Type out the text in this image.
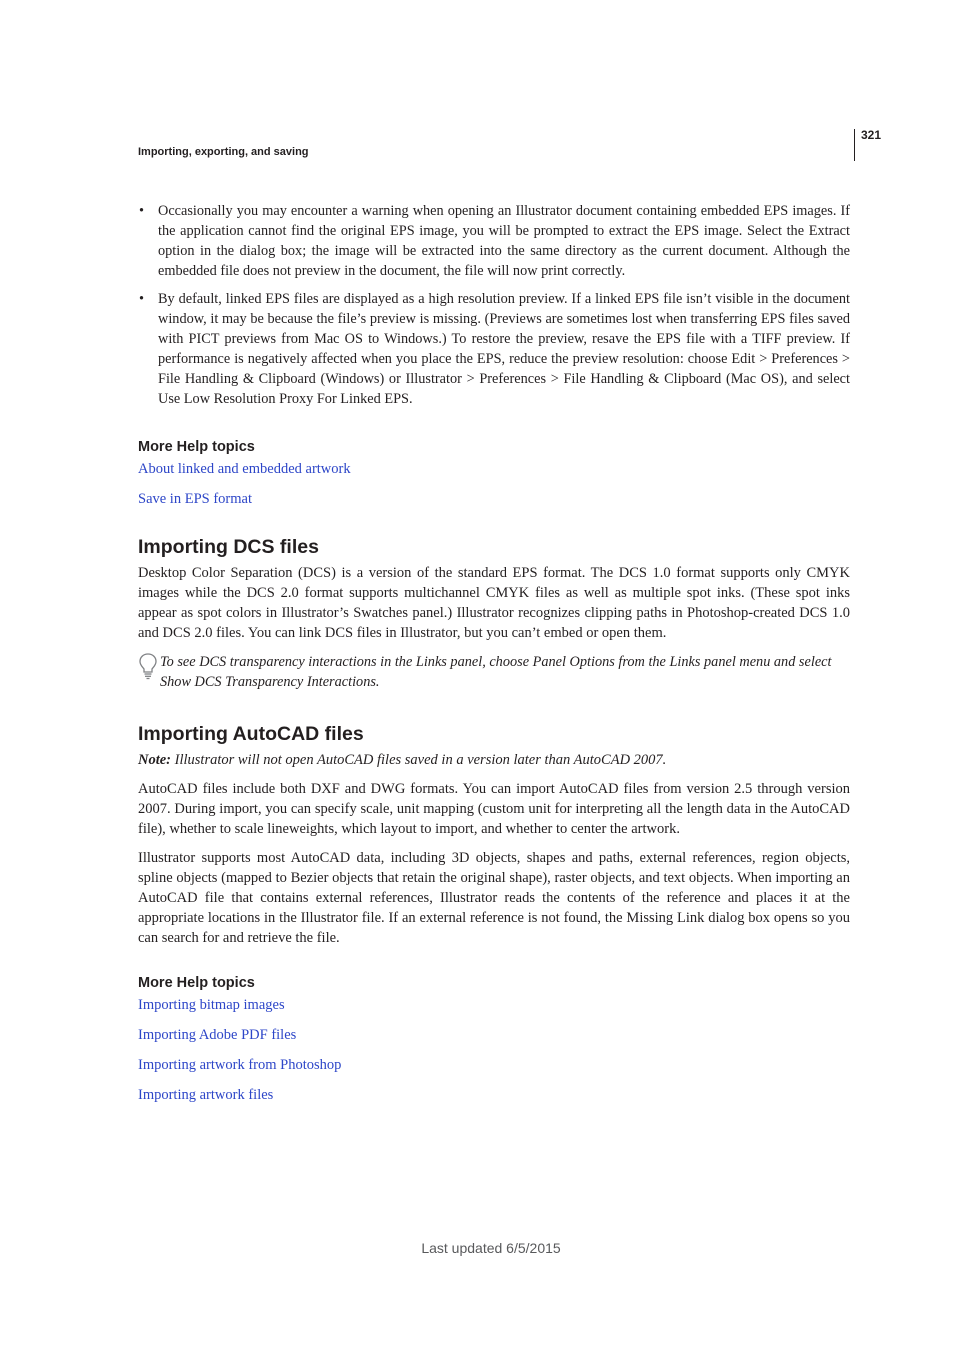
321
Importing, exporting, and saving
• Occasionally you may encounter a warning when opening an Illustrator document containing embedded EPS images. If the application cannot find the original EPS image, you will be prompted to extract the EPS image. Select the Extract option in the dialog box; the image will be extracted into the same directory as the current document. Although the embedded file does not preview in the document, the file will now print correctly.
• By default, linked EPS files are displayed as a high resolution preview. If a linked EPS file isn’t visible in the document window, it may be because the file’s preview is missing. (Previews are sometimes lost when transferring EPS files saved with PICT previews from Mac OS to Windows.) To restore the preview, resave the EPS file with a TIFF preview. If performance is negatively affected when you place the EPS, reduce the preview resolution: choose Edit > Preferences > File Handling & Clipboard (Windows) or Illustrator > Preferences > File Handling & Clipboard (Mac OS), and select Use Low Resolution Proxy For Linked EPS.
More Help topics
About linked and embedded artwork
Save in EPS format
Importing DCS files

Desktop Color Separation (DCS) is a version of the standard EPS format. The DCS 1.0 format supports only CMYK images while the DCS 2.0 format supports multichannel CMYK files as well as multiple spot inks. (These spot inks appear as spot colors in Illustrator’s Swatches panel.) Illustrator recognizes clipping paths in Photoshop-created DCS 1.0 and DCS 2.0 files. You can link DCS files in Illustrator, but you can’t embed or open them.

To see DCS transparency interactions in the Links panel, choose Panel Options from the Links panel menu and select Show DCS Transparency Interactions.
Importing AutoCAD files

Note: Illustrator will not open AutoCAD files saved in a version later than AutoCAD 2007.

AutoCAD files include both DXF and DWG formats. You can import AutoCAD files from version 2.5 through version 2007. During import, you can specify scale, unit mapping (custom unit for interpreting all the length data in the AutoCAD file), whether to scale lineweights, which layout to import, and whether to center the artwork.

Illustrator supports most AutoCAD data, including 3D objects, shapes and paths, external references, region objects, spline objects (mapped to Bezier objects that retain the original shape), raster objects, and text objects. When importing an AutoCAD file that contains external references, Illustrator reads the contents of the reference and places it at the appropriate locations in the Illustrator file. If an external reference is not found, the Missing Link dialog box opens so you can search for and retrieve the file.

More Help topics
Importing bitmap images
Importing Adobe PDF files
Importing artwork from Photoshop
Importing artwork files
Last updated 6/5/2015
